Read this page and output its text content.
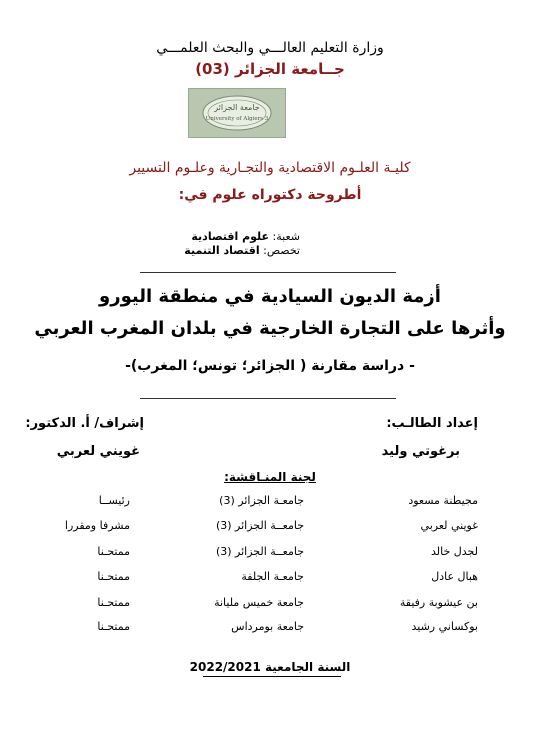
وزارة التعليم العالـــي والبحث العلمـــي
جــامعة الجزائر (03)
جامعة الجزائر
University of Algiers 3
كليـة العلـوم الاقتصادية والتجـارية وعلـوم التسيير
أطروحة دكتوراه علوم في:
شعبة: علوم اقتصادية
تخصص: اقتصاد التنمية
أزمة الديون السيادية في منطقة اليورو
وأثرها على التجارة الخارجية في بلدان المغرب العربي
- دراسة مقارنة ( الجزائر؛ تونس؛ المغرب)-
إعداد الطالـب:
إشراف/ أ. الدكتور:
برغوتي وليد
غويني لعربي
لجنة المنـاقشة:
مجيطنة مسعود
جامعـة الجزائر (3)
رئيســا
غويني لعربي
جامعــة الجزائر (3)
مشرفا ومقررا
لجدل خالد
جامعــة الجزائر (3)
ممتحـنا
هبال عادل
جامعـة الجلفة
ممتحـنا
بن عيشوبة رفيقة
جامعة خميس مليانة
ممتحـنا
بوكساني رشيد
جامعة بومرداس
ممتحـنا
السنة الجامعية 2022/2021
